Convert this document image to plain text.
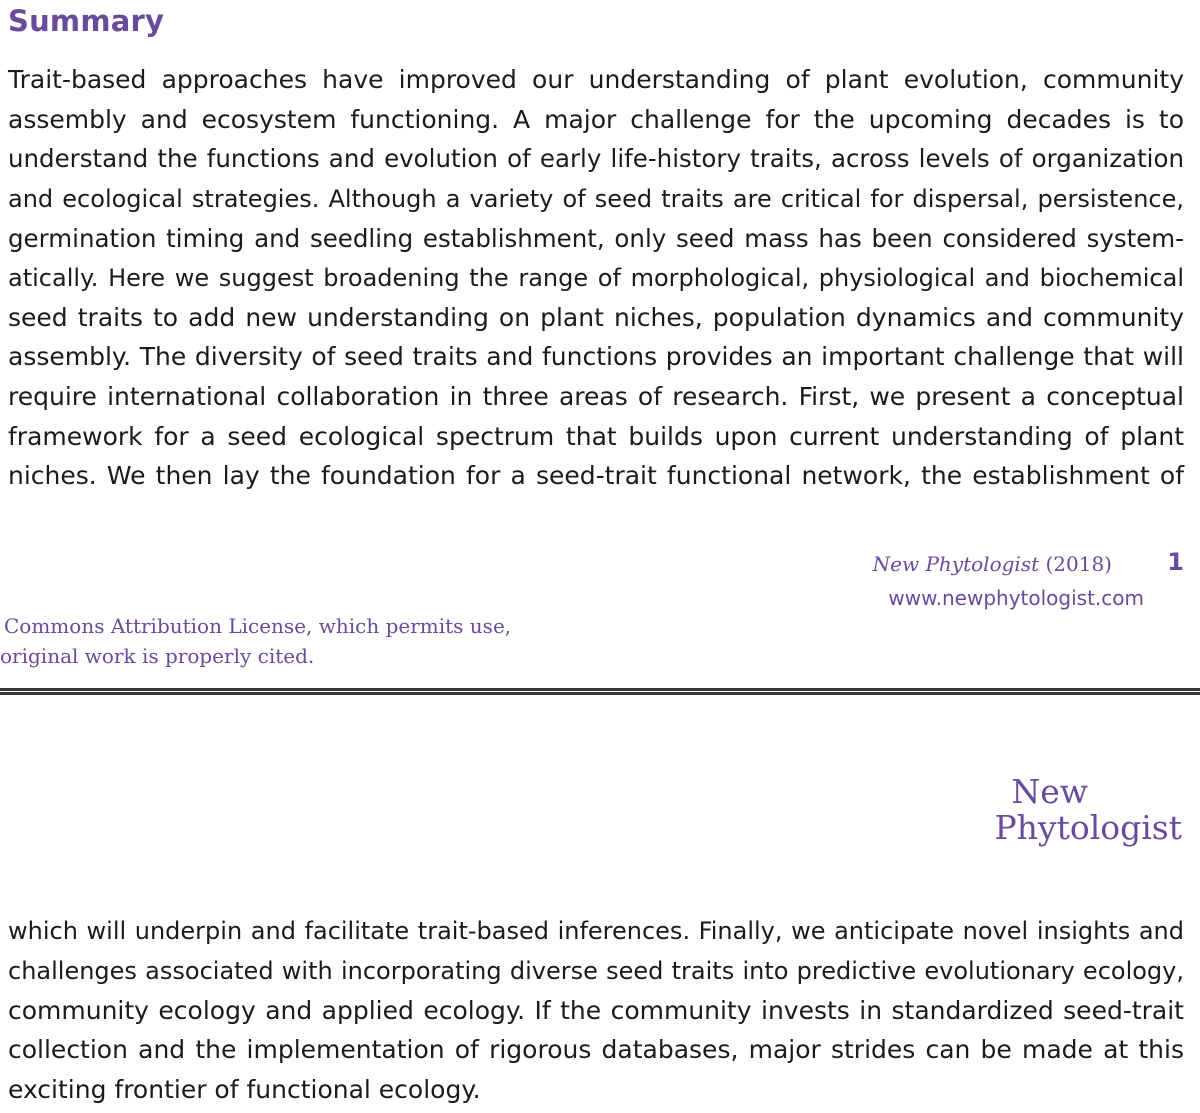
Summary
Trait-based approaches have improved our understanding of plant evolution, community
assembly and ecosystem functioning. A major challenge for the upcoming decades is to
understand the functions and evolution of early life-history traits, across levels of organization
and ecological strategies. Although a variety of seed traits are critical for dispersal, persistence,
germination timing and seedling establishment, only seed mass has been considered system-
atically. Here we suggest broadening the range of morphological, physiological and biochemical
seed traits to add new understanding on plant niches, population dynamics and community
assembly. The diversity of seed traits and functions provides an important challenge that will
require international collaboration in three areas of research. First, we present a conceptual
framework for a seed ecological spectrum that builds upon current understanding of plant
niches. We then lay the foundation for a seed-trait functional network, the establishment of
New Phytologist (2018) 1
www.newphytologist.com
Commons Attribution License, which permits use,
original work is properly cited.
New
Phytologist
which will underpin and facilitate trait-based inferences. Finally, we anticipate novel insights and
challenges associated with incorporating diverse seed traits into predictive evolutionary ecology,
community ecology and applied ecology. If the community invests in standardized seed-trait
collection and the implementation of rigorous databases, major strides can be made at this
exciting frontier of functional ecology.
